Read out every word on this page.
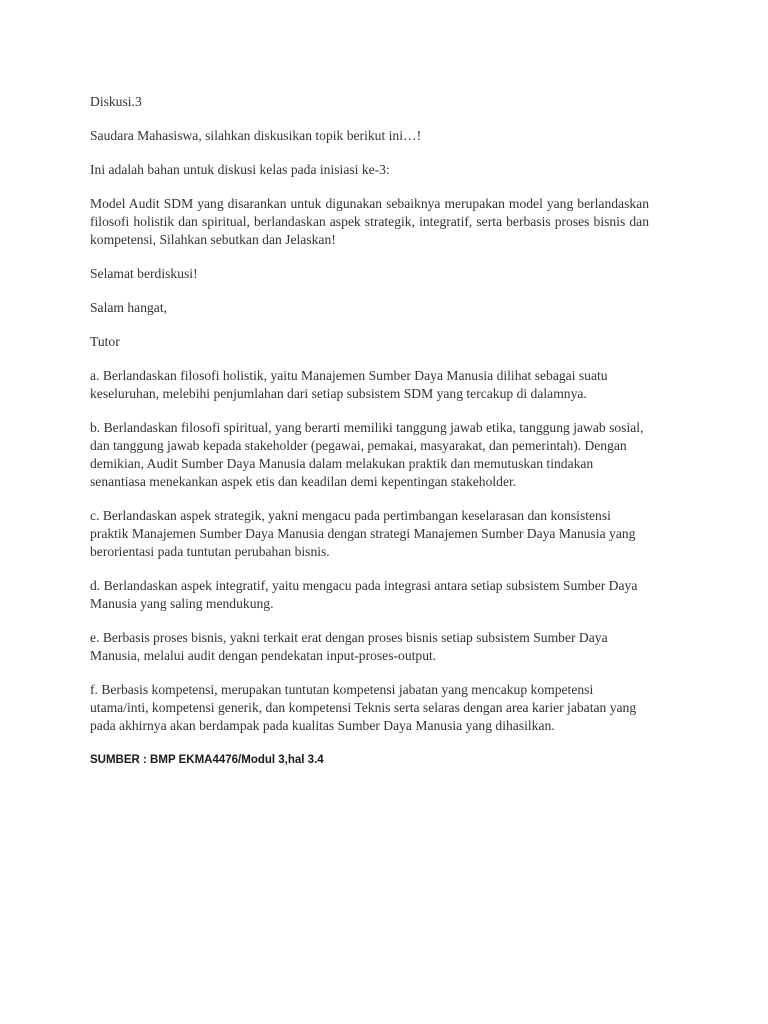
Diskusi.3

Saudara Mahasiswa, silahkan diskusikan topik berikut ini…!

Ini adalah bahan untuk diskusi kelas pada inisiasi ke-3:

Model Audit SDM yang disarankan untuk digunakan sebaiknya merupakan model yang berlandaskan filosofi holistik dan spiritual, berlandaskan aspek strategik, integratif, serta berbasis proses bisnis dan kompetensi, Silahkan sebutkan dan Jelaskan!

Selamat berdiskusi!

Salam hangat,

Tutor

a. Berlandaskan filosofi holistik, yaitu Manajemen Sumber Daya Manusia dilihat sebagai suatu keseluruhan, melebihi penjumlahan dari setiap subsistem SDM yang tercakup di dalamnya.

b. Berlandaskan filosofi spiritual, yang berarti memiliki tanggung jawab etika, tanggung jawab sosial, dan tanggung jawab kepada stakeholder (pegawai, pemakai, masyarakat, dan pemerintah). Dengan demikian, Audit Sumber Daya Manusia dalam melakukan praktik dan memutuskan tindakan senantiasa menekankan aspek etis dan keadilan demi kepentingan stakeholder.

c. Berlandaskan aspek strategik, yakni mengacu pada pertimbangan keselarasan dan konsistensi praktik Manajemen Sumber Daya Manusia dengan strategi Manajemen Sumber Daya Manusia yang berorientasi pada tuntutan perubahan bisnis.

d. Berlandaskan aspek integratif, yaitu mengacu pada integrasi antara setiap subsistem Sumber Daya Manusia yang saling mendukung.

e. Berbasis proses bisnis, yakni terkait erat dengan proses bisnis setiap subsistem Sumber Daya Manusia, melalui audit dengan pendekatan input-proses-output.

f. Berbasis kompetensi, merupakan tuntutan kompetensi jabatan yang mencakup kompetensi utama/inti, kompetensi generik, dan kompetensi Teknis serta selaras dengan area karier jabatan yang pada akhirnya akan berdampak pada kualitas Sumber Daya Manusia yang dihasilkan.

SUMBER : BMP EKMA4476/Modul 3,hal 3.4
